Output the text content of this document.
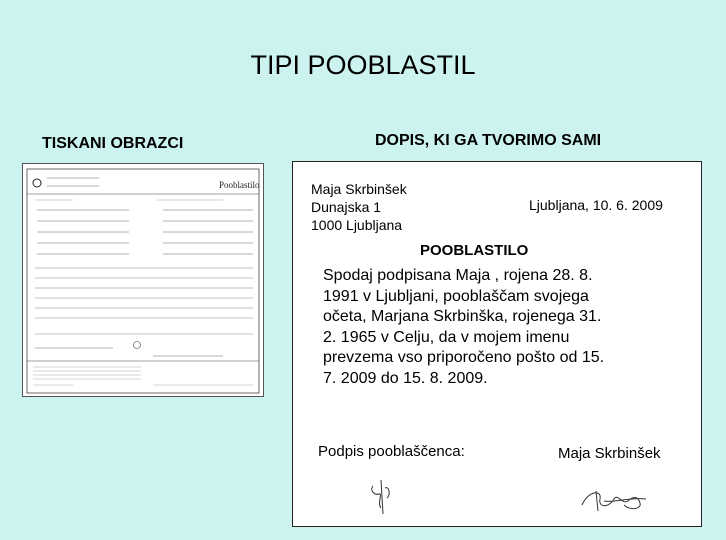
TIPI POOBLASTIL
TISKANI OBRAZCI	DOPIS, KI GA TVORIMO SAMI
Pooblastilo	Maja Skrbinšek
Dunajska 1
1000 Ljubljana
Ljubljana, 10. 6. 2009
POOBLASTILO
Spodaj podpisana Maja , rojena 28. 8.
1991 v Ljubljani, pooblaščam svojega
očeta, Marjana Skrbinška, rojenega 31.
2. 1965 v Celju, da v mojem imenu
prevzema vso priporočeno pošto od 15.
7. 2009 do 15. 8. 2009.
Podpis pooblaščenca:	Maja Skrbinšek
